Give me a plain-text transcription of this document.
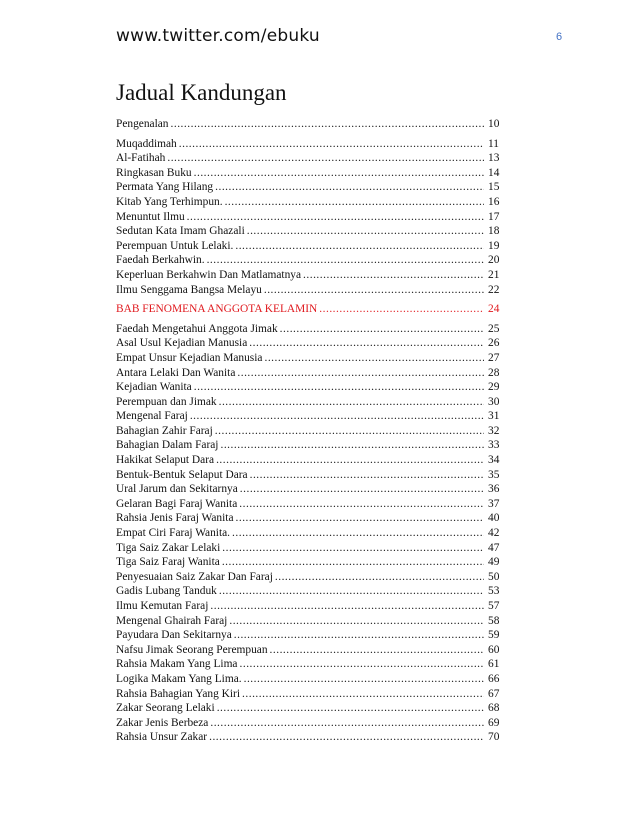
www.twitter.com/ebuku	6
Jadual Kandungan
Pengenalan .....	10
Muqaddimah .....	11
Al-Fatihah .....	13
Ringkasan Buku .....	14
Permata Yang Hilang .....	15
Kitab Yang Terhimpun. .....	16
Menuntut Ilmu .....	17
Sedutan Kata Imam Ghazali .....	18
Perempuan Untuk Lelaki. .....	19
Faedah Berkahwin. .....	20
Keperluan Berkahwin Dan Matlamatnya .....	21
Ilmu Senggama Bangsa Melayu .....	22
BAB FENOMENA ANGGOTA KELAMIN .....	24
Faedah Mengetahui Anggota Jimak .....	25
Asal Usul Kejadian Manusia .....	26
Empat Unsur Kejadian Manusia .....	27
Antara Lelaki Dan Wanita .....	28
Kejadian Wanita .....	29
Perempuan dan Jimak .....	30
Mengenal Faraj .....	31
Bahagian Zahir Faraj .....	32
Bahagian Dalam Faraj .....	33
Hakikat Selaput Dara .....	34
Bentuk-Bentuk Selaput Dara .....	35
Ural Jarum dan Sekitarnya .....	36
Gelaran Bagi Faraj Wanita .....	37
Rahsia Jenis Faraj Wanita .....	40
Empat Ciri Faraj Wanita. .....	42
Tiga Saiz Zakar Lelaki .....	47
Tiga Saiz Faraj Wanita .....	49
Penyesuaian Saiz Zakar Dan Faraj .....	50
Gadis Lubang Tanduk .....	53
Ilmu Kemutan Faraj .....	57
Mengenal Ghairah Faraj .....	58
Payudara Dan Sekitarnya .....	59
Nafsu Jimak Seorang Perempuan .....	60
Rahsia Makam Yang Lima .....	61
Logika Makam Yang Lima. .....	66
Rahsia Bahagian Yang Kiri .....	67
Zakar Seorang Lelaki .....	68
Zakar Jenis Berbeza .....	69
Rahsia Unsur Zakar .....	70
